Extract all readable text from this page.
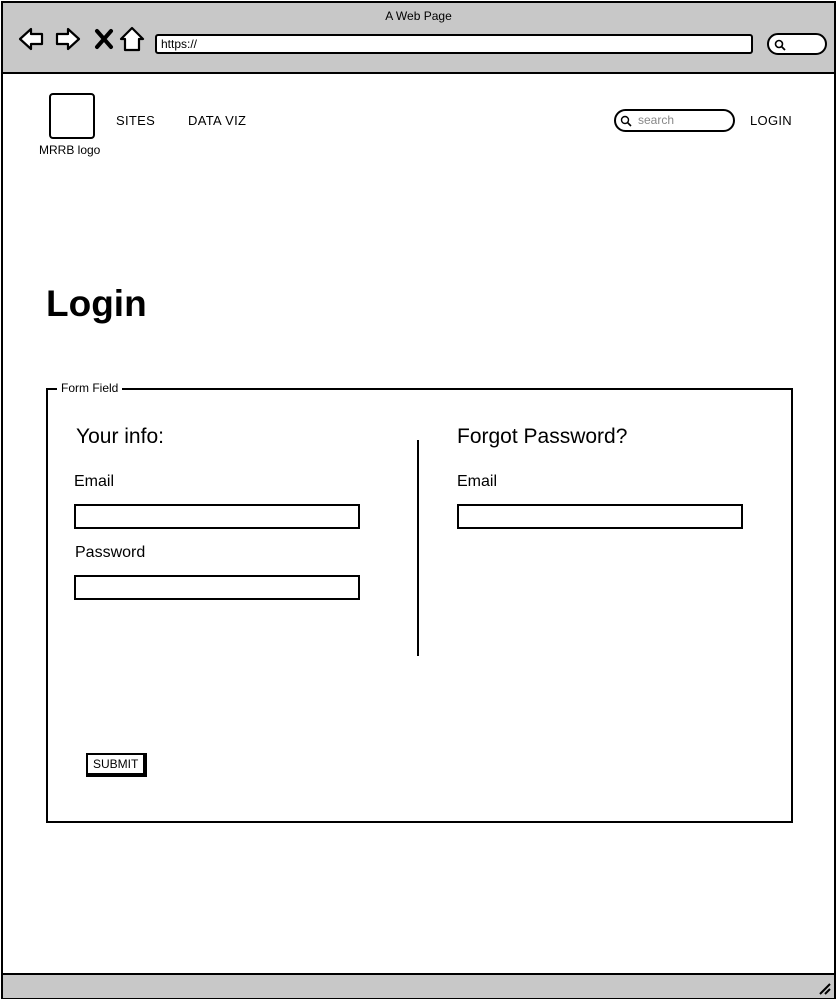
A Web Page
https://
MRRB logo
SITES	DATA VIZ	search	LOGIN
Login
Form Field
Your info:
Email
Password
Forgot Password?
Email
SUBMIT
